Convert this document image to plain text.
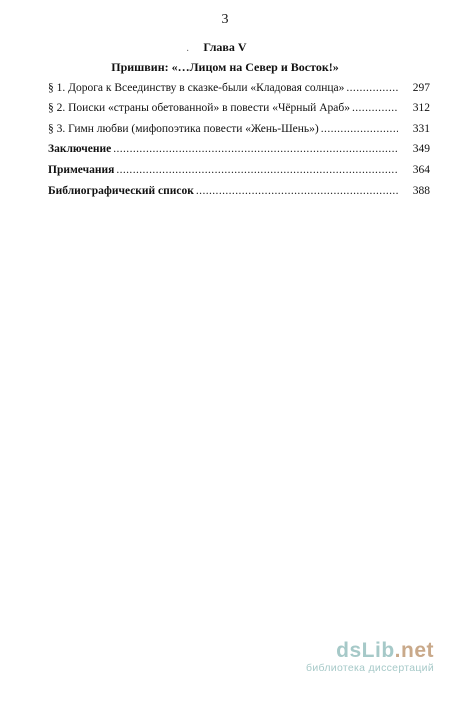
3
·	Глава V
Пришвин: «…Лицом на Север и Восток!»
§ 1. Дорога к Всеединству в сказке-были «Кладовая солнца» .....	297
§ 2. Поиски «страны обетованной» в повести «Чёрный Араб» .....	312
§ 3. Гимн любви (мифопоэтика повести «Жень-Шень») .....	331
Заключение .....	349
Примечания .....	364
Библиографический список .....	388
dsLib.net
библиотека диссертаций
